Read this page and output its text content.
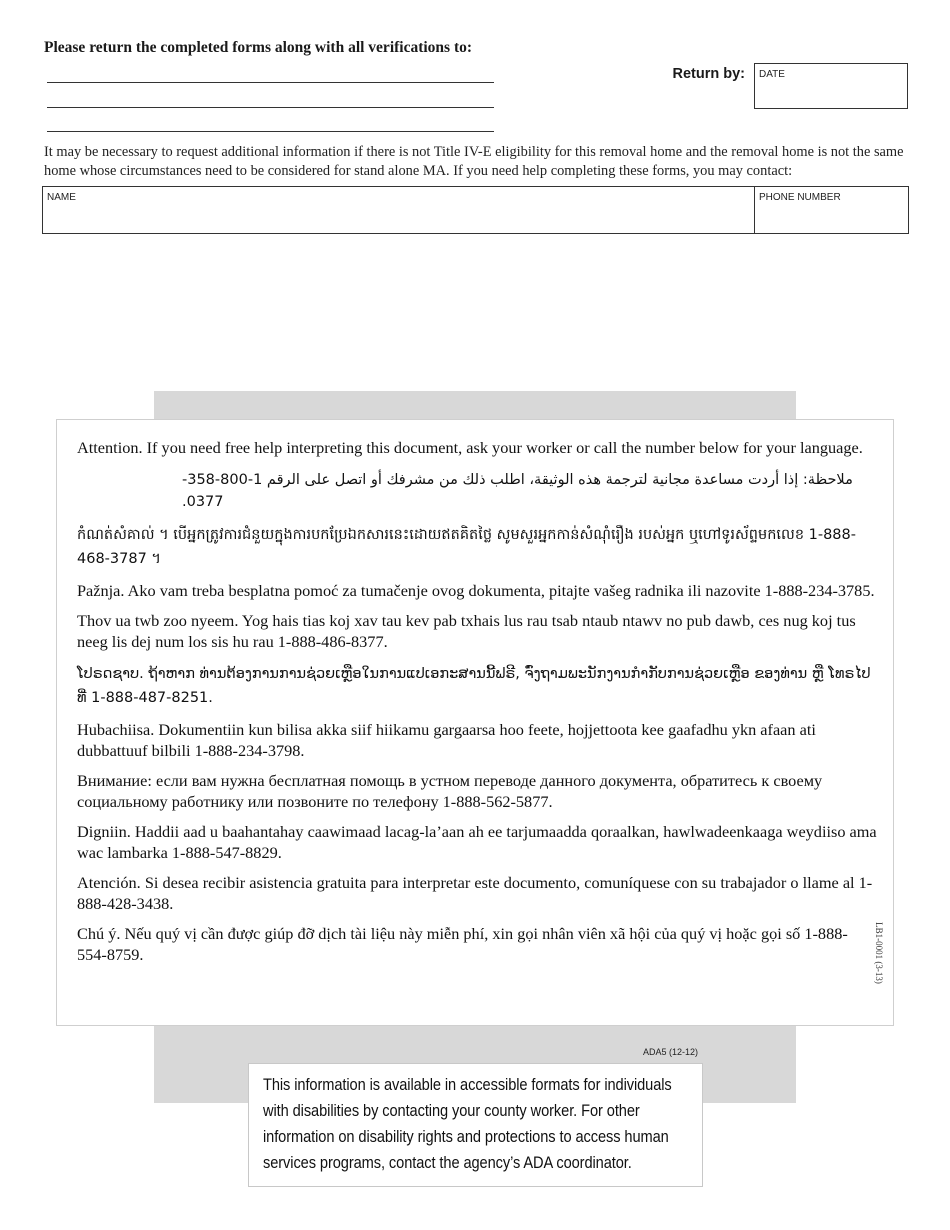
Please return the completed forms along with all verifications to:
Return by: DATE
It may be necessary to request additional information if there is not Title IV-E eligibility for this removal home and the removal home is not the same home whose circumstances need to be considered for stand alone MA. If you need help completing these forms, you may contact:
NAME	PHONE NUMBER

Attention. If you need free help interpreting this document, ask your worker or call the number below for your language.

ملاحظة: إذا أردت مساعدة مجانية لترجمة هذه الوثيقة، اطلب ذلك من مشرفك أو اتصل على الرقم 1-800-358-0377.

កំណត់សំគាល់ ។ បើអ្នកត្រូវការជំនួយក្នុងការបកប្រែឯកសារនេះដោយឥតគិតថ្លៃ សូមសួរអ្នកកាន់សំណុំរឿង របស់អ្នក ឬហៅទូរស័ព្ទមកលេខ 1-888-468-3787 ។

Pažnja. Ako vam treba besplatna pomoć za tumačenje ovog dokumenta, pitajte vašeg radnika ili nazovite 1-888-234-3785.

Thov ua twb zoo nyeem. Yog hais tias koj xav tau kev pab txhais lus rau tsab ntaub ntawv no pub dawb, ces nug koj tus neeg lis dej num los sis hu rau 1-888-486-8377.

ໂປຣດຊາບ. ຖ້າຫາກ ທ່ານຕ້ອງການການຊ່ວຍເຫຼືອໃນການແປເອກະສານນີ້ຟຣີ, ຈົ່ງຖາມພະນັກງານກໍາກັບການຊ່ວຍເຫຼືອ ຂອງທ່ານ ຫຼື ໂທຣໄປທີ່ 1-888-487-8251.

Hubachiisa. Dokumentiin kun bilisa akka siif hiikamu gargaarsa hoo feete, hojjettoota kee gaafadhu ykn afaan ati dubbattuuf bilbili 1-888-234-3798.

Внимание: если вам нужна бесплатная помощь в устном переводе данного документа, обратитесь к своему социальному работнику или позвоните по телефону 1-888-562-5877.

Digniin. Haddii aad u baahantahay caawimaad lacag-la’aan ah ee tarjumaadda qoraalkan, hawlwadeenkaaga weydiiso ama wac lambarka 1-888-547-8829.

Atención. Si desea recibir asistencia gratuita para interpretar este documento, comuníquese con su trabajador o llame al 1-888-428-3438.

Chú ý. Nếu quý vị cần được giúp đỡ dịch tài liệu này miễn phí, xin gọi nhân viên xã hội của quý vị hoặc gọi số 1-888-554-8759.	LB1-0001 (3-13)
ADA5 (12-12)
This information is available in accessible formats for individuals with disabilities by contacting your county worker. For other information on disability rights and protections to access human services programs, contact the agency’s ADA coordinator.
